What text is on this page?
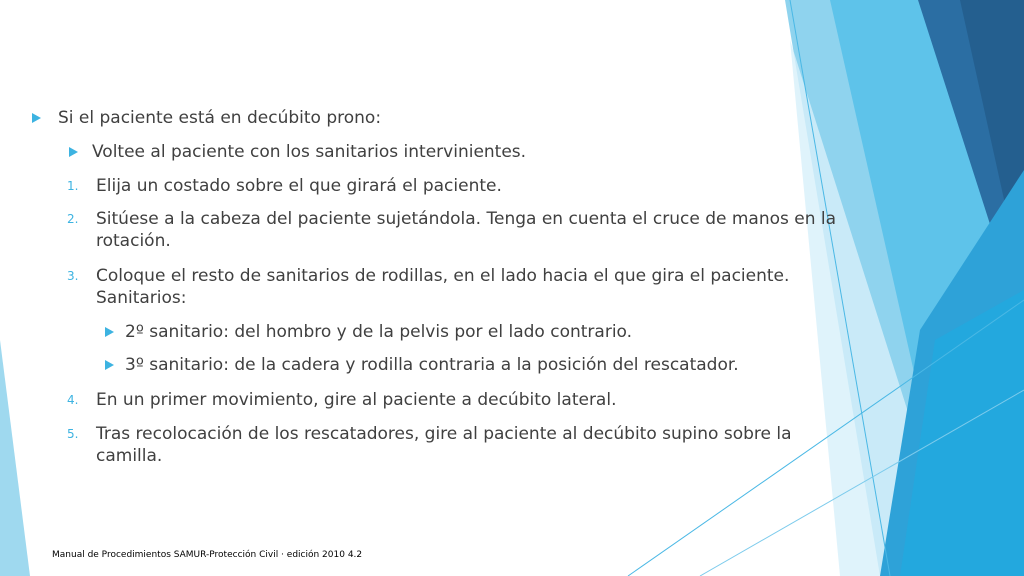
Si el paciente está en decúbito prono:
Voltee al paciente con los sanitarios intervinientes.
1. Elija un costado sobre el que girará el paciente.
2. Sitúese a la cabeza del paciente sujetándola. Tenga en cuenta el cruce de manos en la rotación.
3. Coloque el resto de sanitarios de rodillas, en el lado hacia el que gira el paciente. Sanitarios:
2º sanitario: del hombro y de la pelvis por el lado contrario.
3º sanitario: de la cadera y rodilla contraria a la posición del rescatador.
4. En un primer movimiento, gire al paciente a decúbito lateral.
5. Tras recolocación de los rescatadores, gire al paciente al decúbito supino sobre la camilla.
Manual de Procedimientos SAMUR-Protección Civil · edición 2010 4.2
